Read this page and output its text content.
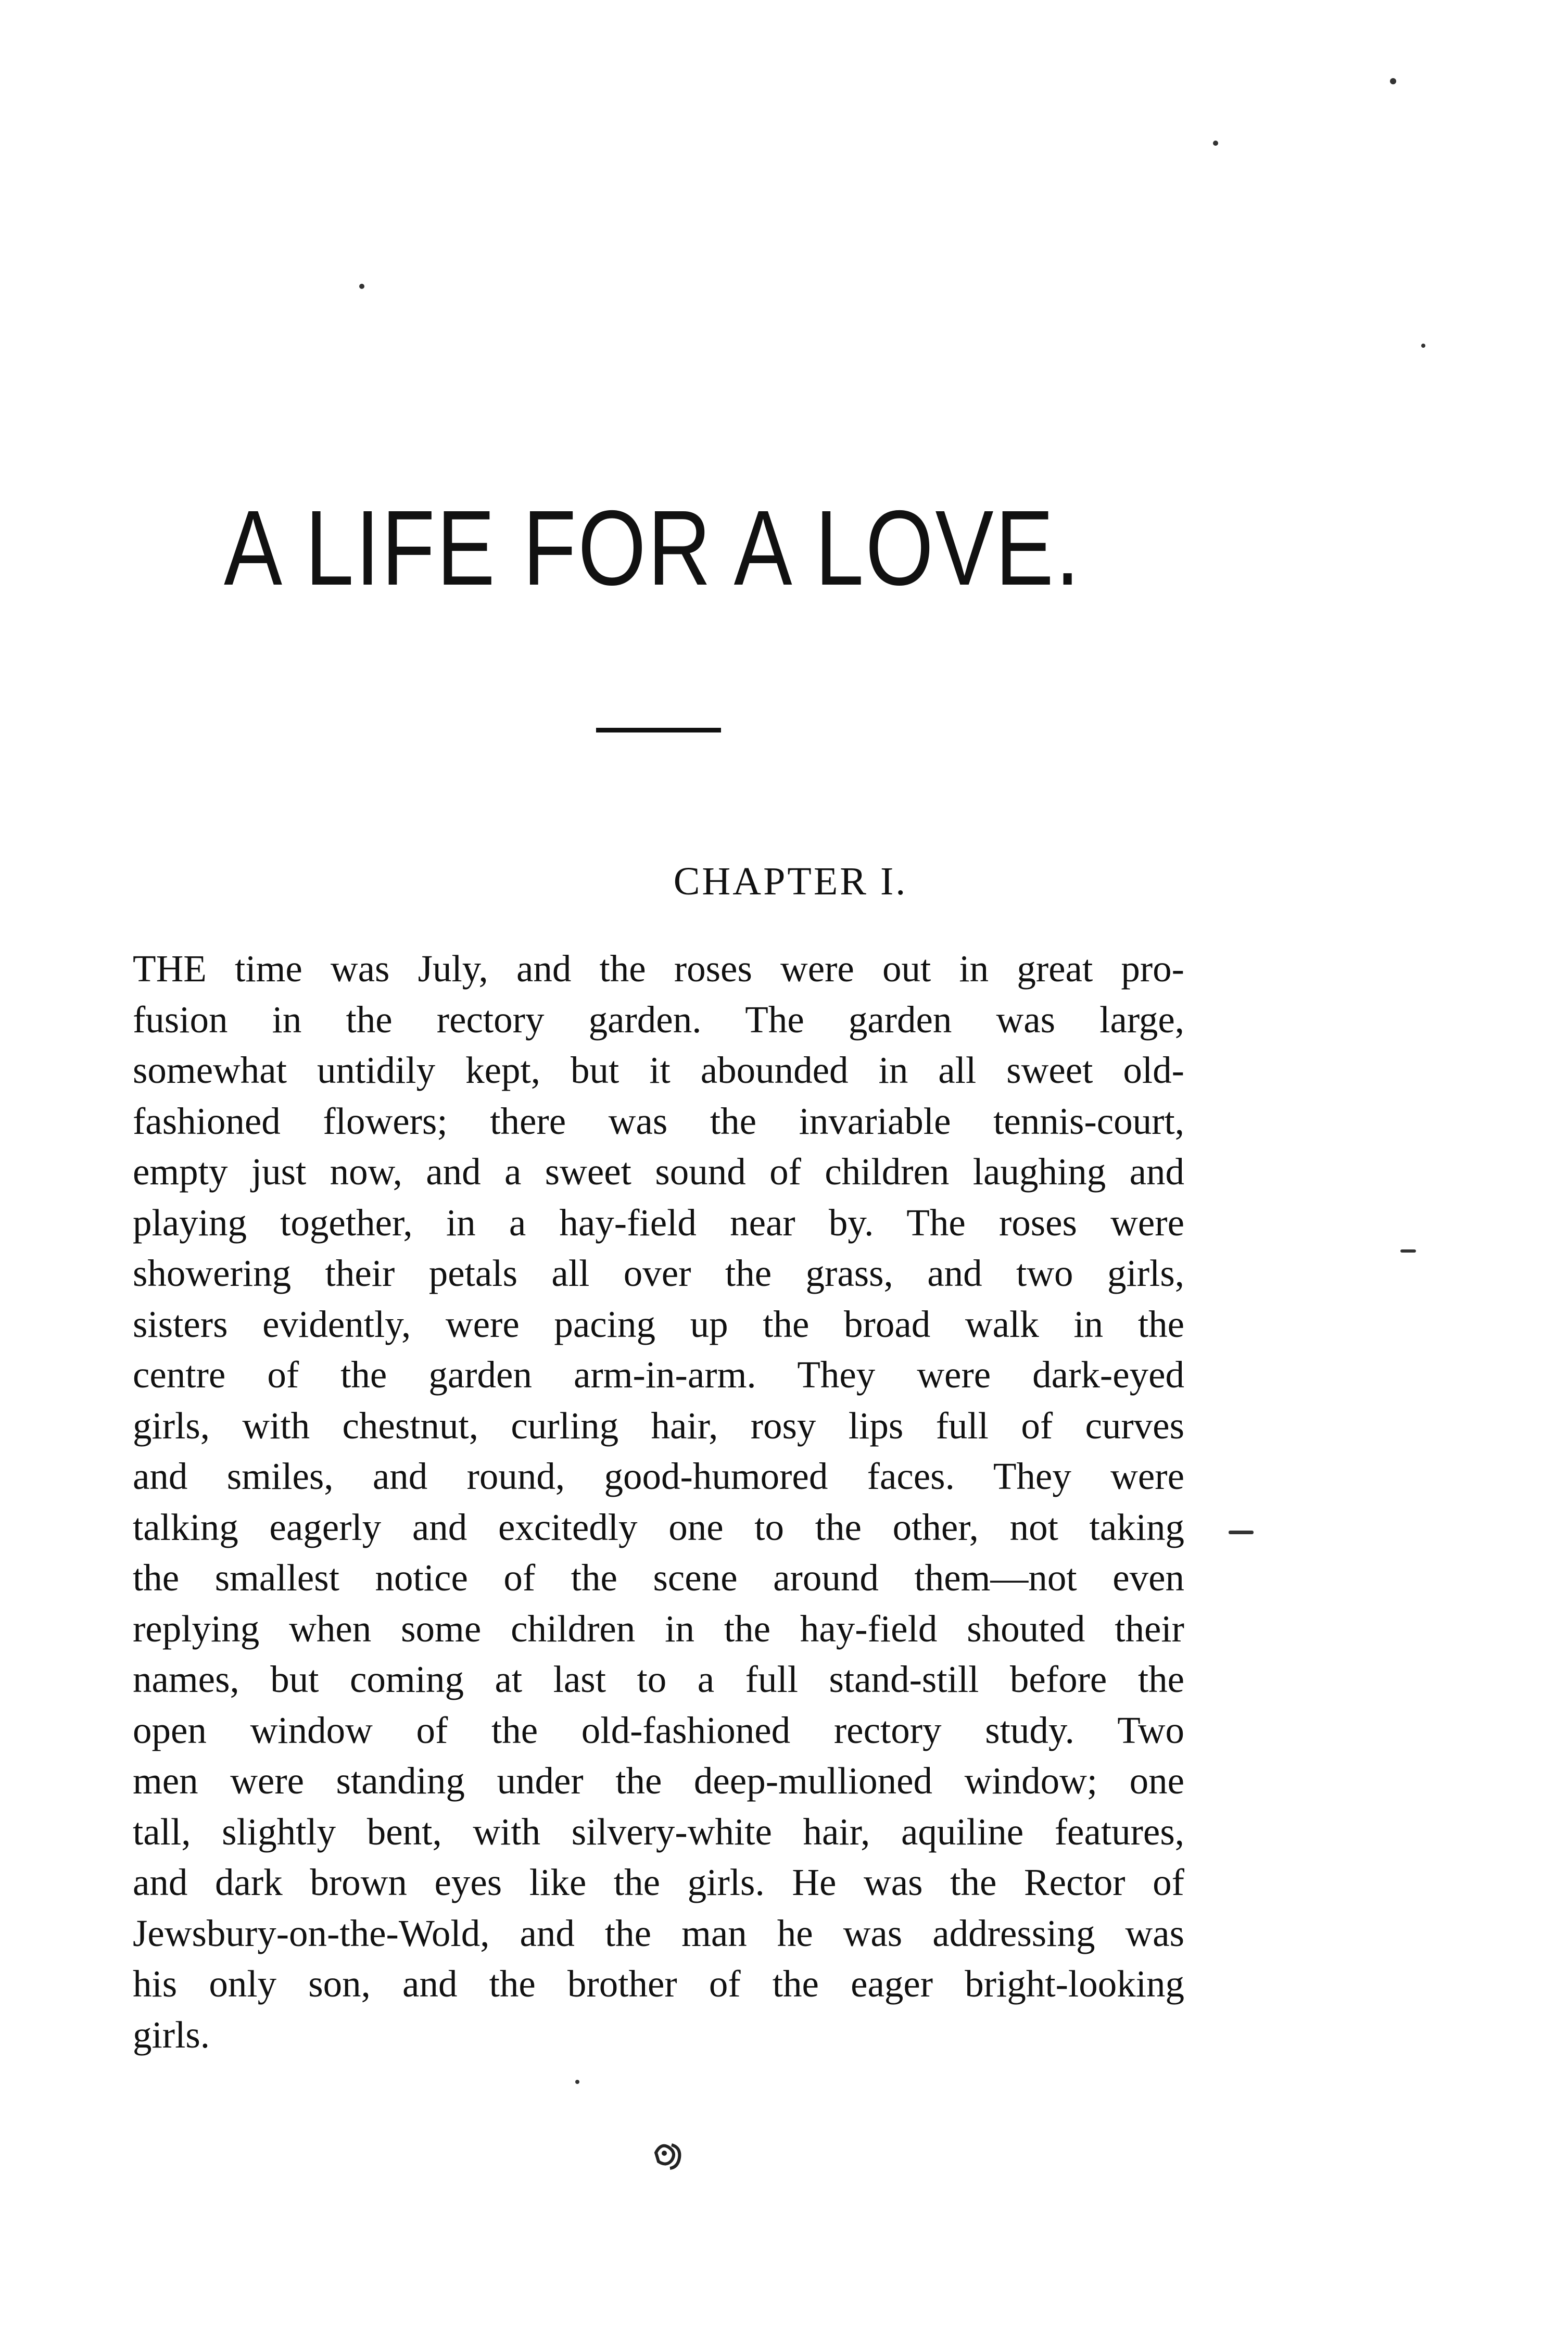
A LIFE FOR A LOVE.
CHAPTER I.
THE time was July, and the roses were out in great pro-
fusion in the rectory garden. The garden was large,
somewhat untidily kept, but it abounded in all sweet old-
fashioned flowers; there was the invariable tennis-court,
empty just now, and a sweet sound of children laughing and
playing together, in a hay-field near by. The roses were
showering their petals all over the grass, and two girls,
sisters evidently, were pacing up the broad walk in the
centre of the garden arm-in-arm. They were dark-eyed
girls, with chestnut, curling hair, rosy lips full of curves
and smiles, and round, good-humored faces. They were
talking eagerly and excitedly one to the other, not taking
the smallest notice of the scene around them—not even
replying when some children in the hay-field shouted their
names, but coming at last to a full stand-still before the
open window of the old-fashioned rectory study. Two
men were standing under the deep-mullioned window; one
tall, slightly bent, with silvery-white hair, aquiline features,
and dark brown eyes like the girls. He was the Rector of
Jewsbury-on-the-Wold, and the man he was addressing was
his only son, and the brother of the eager bright-looking
girls.
